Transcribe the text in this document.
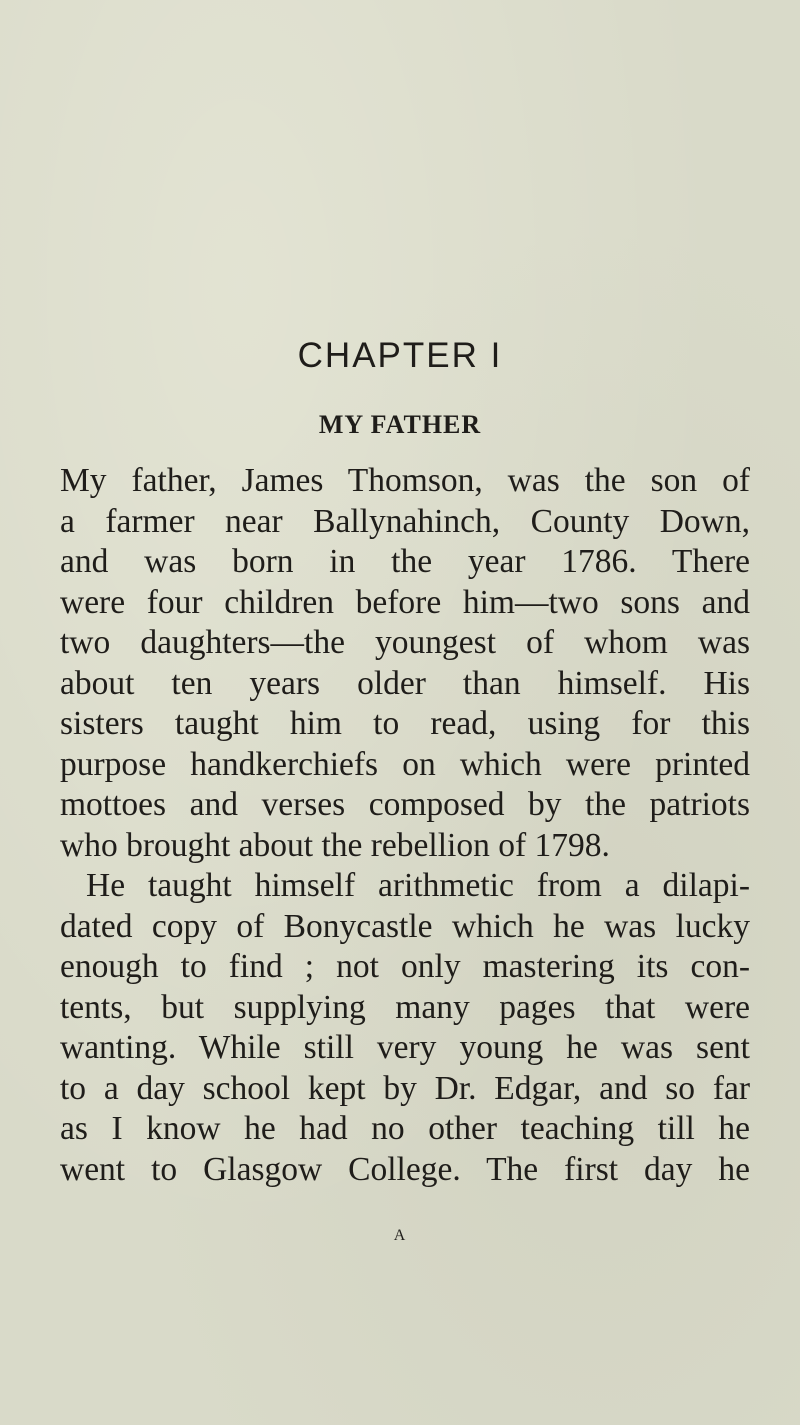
CHAPTER I
MY FATHER
My father, James Thomson, was the son of
a farmer near Ballynahinch, County Down,
and was born in the year 1786. There
were four children before him—two sons and
two daughters—the youngest of whom was
about ten years older than himself. His
sisters taught him to read, using for this
purpose handkerchiefs on which were printed
mottoes and verses composed by the patriots
who brought about the rebellion of 1798.
He taught himself arithmetic from a dilapi-
dated copy of Bonycastle which he was lucky
enough to find ; not only mastering its con-
tents, but supplying many pages that were
wanting. While still very young he was sent
to a day school kept by Dr. Edgar, and so far
as I know he had no other teaching till he
went to Glasgow College. The first day he
A
